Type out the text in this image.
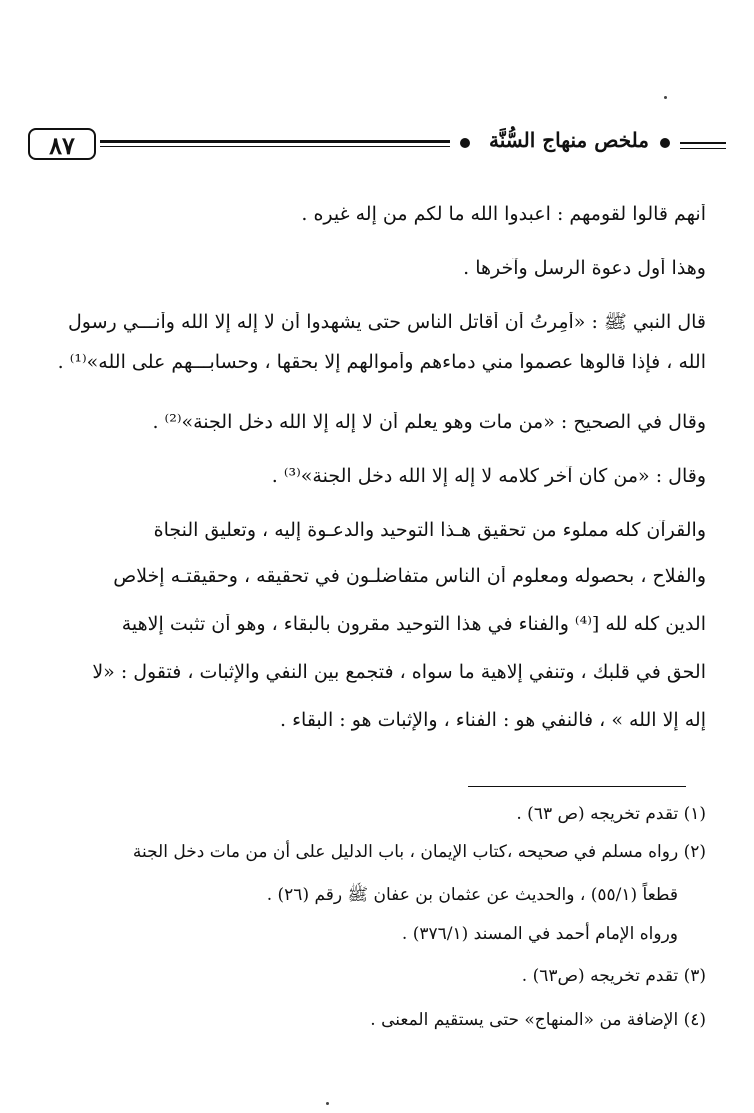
٨٧	ملخص منهاج السُّنَّة

أنهم قالوا لقومهم : اعبدوا الله ما لكم من إله غيره .

وهذا أول دعوة الرسل وآخرها .

قال النبي ﷺ : «أُمِرتُ أن أقاتل الناس حتى يشهدوا أن لا إله إلا الله وأنـــي رسول

الله ، فإذا قالوها عصموا مني دماءهم وأموالهم إلا بحقها ، وحسابـــهم على الله»⁽¹⁾ .

وقال في الصحيح : «من مات وهو يعلم أن لا إله إلا الله دخل الجنة»⁽²⁾ .

وقال : «من كان آخر كلامه لا إله إلا الله دخل الجنة»⁽³⁾ .

والقرآن كله مملوء من تحقيق هـذا التوحيد والدعـوة إليه ، وتعليق النجاة

والفلاح ، بحصوله ومعلوم أن الناس متفاضلـون في تحقيقه ، وحقيقتـه إخلاص

الدين كله لله [⁽⁴⁾ والفناء في هذا التوحيد مقرون بالبقاء ، وهو أن تثبت إلاهية

الحق في قلبك ، وتنفي إلاهية ما سواه ، فتجمع بين النفي والإثبات ، فتقول : «لا

إله إلا الله » ، فالنفي هو : الفناء ، والإثبات هو : البقاء .

(١) تقدم تخريجه (ص ٦٣) .
(٢) رواه مسلم في صحيحه ،كتاب الإيمان ، باب الدليل على أن من مات دخل الجنة
قطعاً (٥٥/١) ، والحديث عن عثمان بن عفان ﷺ رقم (٢٦) .
ورواه الإمام أحمد في المسند (٣٧٦/١) .
(٣) تقدم تخريجه (ص٦٣) .
(٤) الإضافة من «المنهاج» حتى يستقيم المعنى .
